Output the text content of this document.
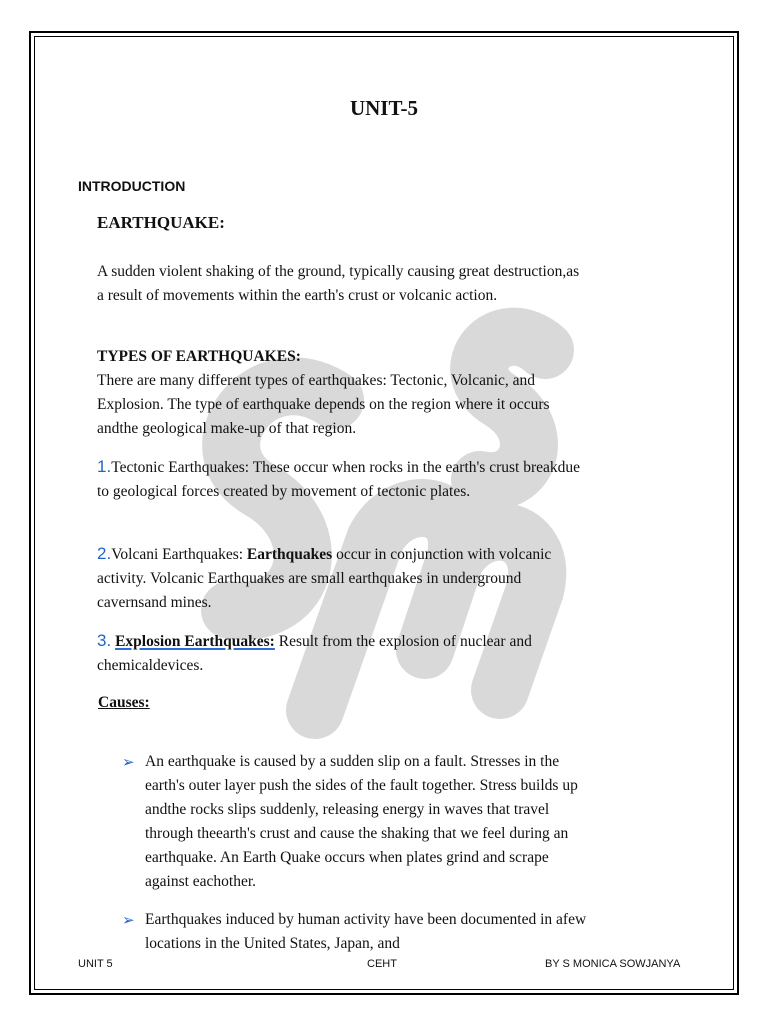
UNIT-5
INTRODUCTION
EARTHQUAKE:
A sudden violent shaking of the ground, typically causing great destruction,as a result of movements within the earth's crust or volcanic action.
TYPES OF EARTHQUAKES:
There are many different types of earthquakes: Tectonic, Volcanic, and Explosion. The type of earthquake depends on the region where it occurs andthe geological make-up of that region.
1.Tectonic Earthquakes: These occur when rocks in the earth's crust breakdue to geological forces created by movement of tectonic plates.
2.Volcani Earthquakes: Earthquakes occur in conjunction with volcanic activity. Volcanic Earthquakes are small earthquakes in underground cavernsand mines.
3. Explosion Earthquakes: Result from the explosion of nuclear and chemicaldevices.
Causes:
➢ An earthquake is caused by a sudden slip on a fault. Stresses in the earth's outer layer push the sides of the fault together. Stress builds up andthe rocks slips suddenly, releasing energy in waves that travel through theearth's crust and cause the shaking that we feel during an earthquake. An Earth Quake occurs when plates grind and scrape against eachother.
➢ Earthquakes induced by human activity have been documented in afew locations in the United States, Japan, and
UNIT 5	CEHT	BY S MONICA SOWJANYA
